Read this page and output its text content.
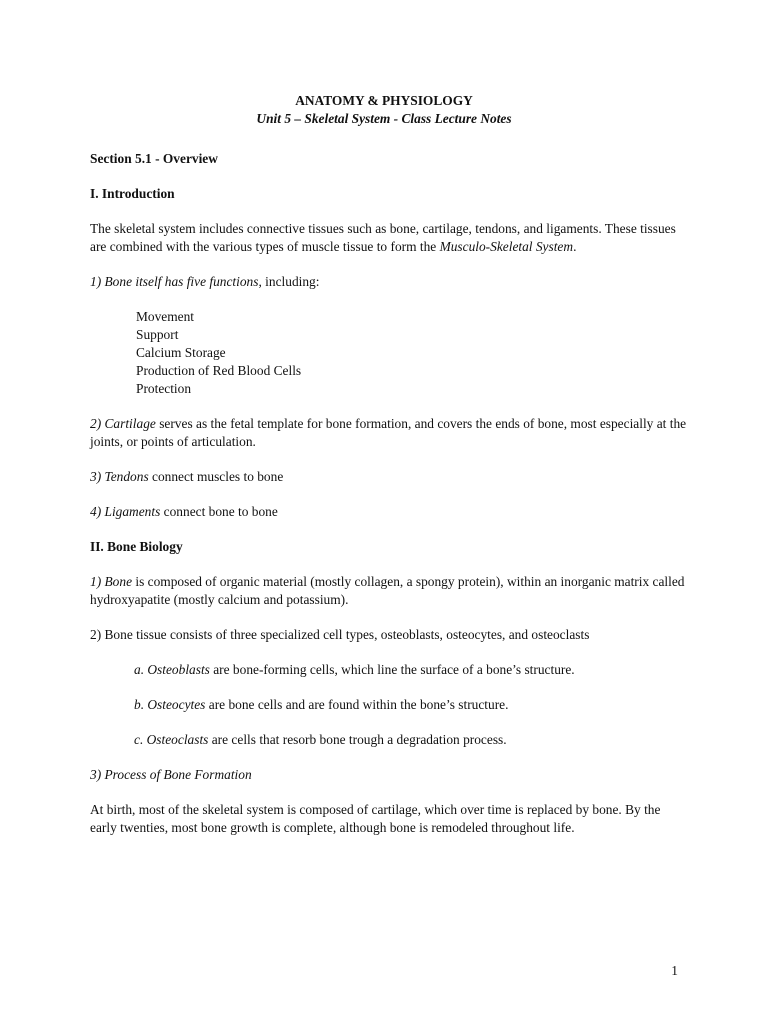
ANATOMY & PHYSIOLOGY
Unit 5 – Skeletal System - Class Lecture Notes
Section 5.1 - Overview
I. Introduction

The skeletal system includes connective tissues such as bone, cartilage, tendons, and ligaments. These tissues are combined with the various types of muscle tissue to form the Musculo-Skeletal System.

1) Bone itself has five functions, including:

Movement
Support
Calcium Storage
Production of Red Blood Cells
Protection

2) Cartilage serves as the fetal template for bone formation, and covers the ends of bone, most especially at the joints, or points of articulation.

3) Tendons connect muscles to bone

4) Ligaments connect bone to bone

II. Bone Biology

1) Bone is composed of organic material (mostly collagen, a spongy protein), within an inorganic matrix called hydroxyapatite (mostly calcium and potassium).

2) Bone tissue consists of three specialized cell types, osteoblasts, osteocytes, and osteoclasts

a. Osteoblasts are bone-forming cells, which line the surface of a bone’s structure.

b. Osteocytes are bone cells and are found within the bone’s structure.

c. Osteoclasts are cells that resorb bone trough a degradation process.

3) Process of Bone Formation

At birth, most of the skeletal system is composed of cartilage, which over time is replaced by bone. By the early twenties, most bone growth is complete, although bone is remodeled throughout life.

1
